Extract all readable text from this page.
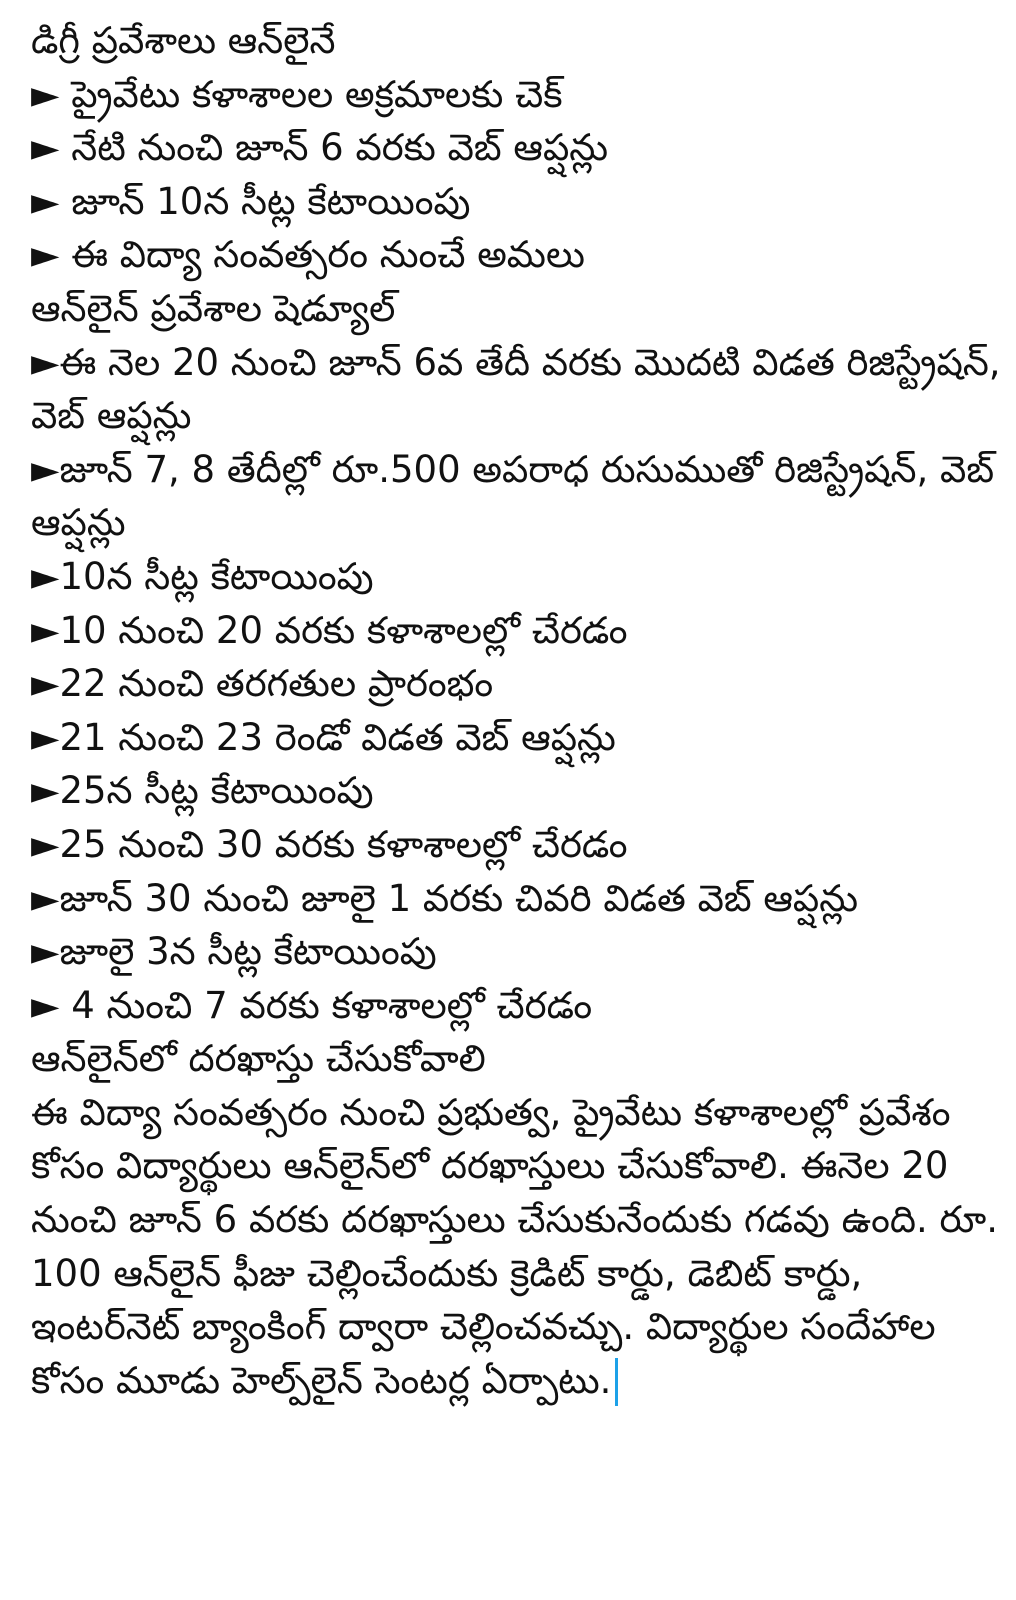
డిగ్రీ ప్రవేశాలు ఆన్‌లైనే
► ప్రైవేటు కళాశాలల అక్రమాలకు చెక్
► నేటి నుంచి జూన్ 6 వరకు వెబ్ ఆప్షన్లు
► జూన్ 10న సీట్ల కేటాయింపు
► ఈ విద్యా సంవత్సరం నుంచే అమలు
ఆన్‌లైన్ ప్రవేశాల షెడ్యూల్
►ఈ నెల 20 నుంచి జూన్ 6వ తేదీ వరకు మొదటి విడత రిజిస్ట్రేషన్, వెబ్ ఆప్షన్లు
►జూన్ 7, 8 తేదీల్లో రూ.500 అపరాధ రుసుముతో రిజిస్ట్రేషన్, వెబ్ ఆప్షన్లు
►10న సీట్ల కేటాయింపు
►10 నుంచి 20 వరకు కళాశాలల్లో చేరడం
►22 నుంచి తరగతుల ప్రారంభం
►21 నుంచి 23 రెండో విడత వెబ్ ఆప్షన్లు
►25న సీట్ల కేటాయింపు
►25 నుంచి 30 వరకు కళాశాలల్లో చేరడం
►జూన్ 30 నుంచి జూలై 1 వరకు చివరి విడత వెబ్ ఆప్షన్లు
►జూలై 3న సీట్ల కేటాయింపు
► 4 నుంచి 7 వరకు కళాశాలల్లో చేరడం
ఆన్‌లైన్‌లో దరఖాస్తు చేసుకోవాలి
ఈ విద్యా సంవత్సరం నుంచి ప్రభుత్వ, ప్రైవేటు కళాశాలల్లో ప్రవేశం కోసం విద్యార్థులు ఆన్‌లైన్‌లో దరఖాస్తులు చేసుకోవాలి. ఈనెల 20 నుంచి జూన్ 6 వరకు దరఖాస్తులు చేసుకునేందుకు గడవు ఉంది. రూ. 100 ఆన్‌లైన్ ఫీజు చెల్లించేందుకు క్రెడిట్ కార్డు, డెబిట్ కార్డు, ఇంటర్‌నెట్ బ్యాంకింగ్ ద్వారా చెల్లించవచ్చు. విద్యార్థుల సందేహాల కోసం మూడు హెల్ప్‌లైన్ సెంటర్ల ఏర్పాటు.
